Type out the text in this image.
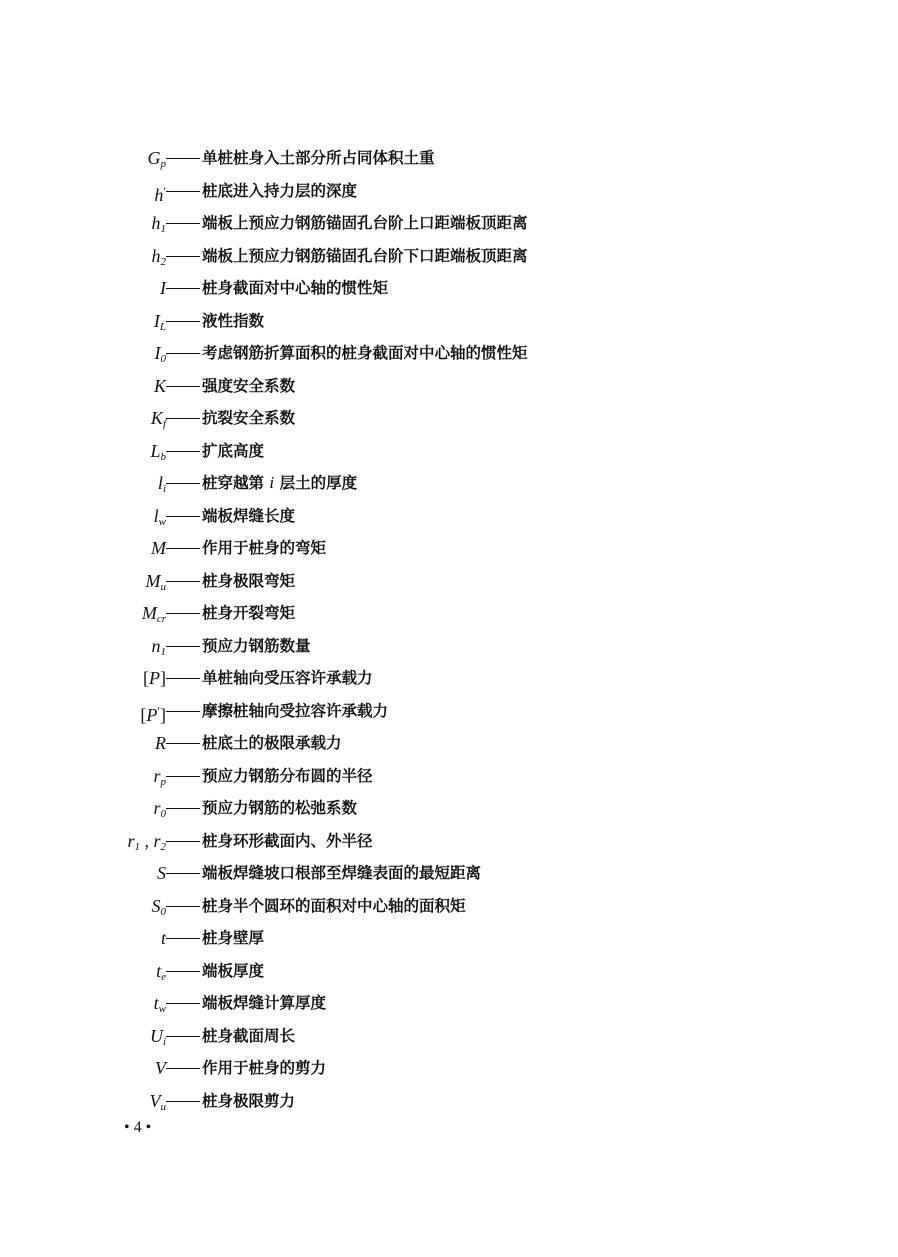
$G_p$ 单桩桩身入土部分所占同体积土重
h′ 桩底进入持力层的深度
$h_1$ 端板上预应力钢筋锚固孔台阶上口距端板顶距离
$h_2$ 端板上预应力钢筋锚固孔台阶下口距端板顶距离
I 桩身截面对中心轴的惯性矩
$I_L$ 液性指数
$I_0$ 考虑钢筋折算面积的桩身截面对中心轴的惯性矩
K 强度安全系数
$K_f$ 抗裂安全系数
$L_b$ 扩底高度
$l_i$ 桩穿越第 i 层土的厚度
$l_w$ 端板焊缝长度
M 作用于桩身的弯矩
$M_u$ 桩身极限弯矩
$M_{cr}$ 桩身开裂弯矩
$n_1$ 预应力钢筋数量
[P] 单桩轴向受压容许承载力
[P′] 摩擦桩轴向受拉容许承载力
R 桩底土的极限承载力
$r_p$ 预应力钢筋分布圆的半径
$r_0$ 预应力钢筋的松弛系数
$r_1$ , $r_2$ 桩身环形截面内、外半径
S 端板焊缝坡口根部至焊缝表面的最短距离
$S_0$ 桩身半个圆环的面积对中心轴的面积矩
t 桩身壁厚
$t_e$ 端板厚度
$t_w$ 端板焊缝计算厚度
$U_i$ 桩身截面周长
V 作用于桩身的剪力
$V_u$ 桩身极限剪力
• 4 •
